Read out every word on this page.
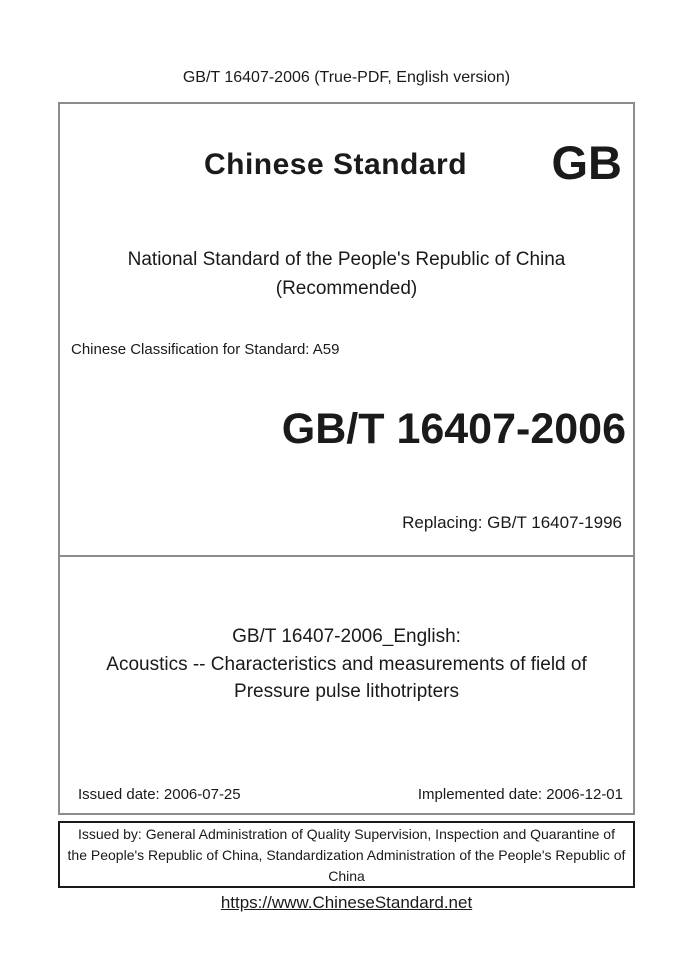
GB/T 16407-2006 (True-PDF, English version)
Chinese Standard	GB
National Standard of the People's Republic of China
(Recommended)
Chinese Classification for Standard: A59
GB/T 16407-2006
Replacing: GB/T 16407-1996
GB/T 16407-2006_English:
Acoustics -- Characteristics and measurements of field of
Pressure pulse lithotripters
Issued date: 2006-07-25	Implemented date: 2006-12-01
Issued by: General Administration of Quality Supervision, Inspection and Quarantine of
the People's Republic of China, Standardization Administration of the People's Republic of
China
https://www.ChineseStandard.net
